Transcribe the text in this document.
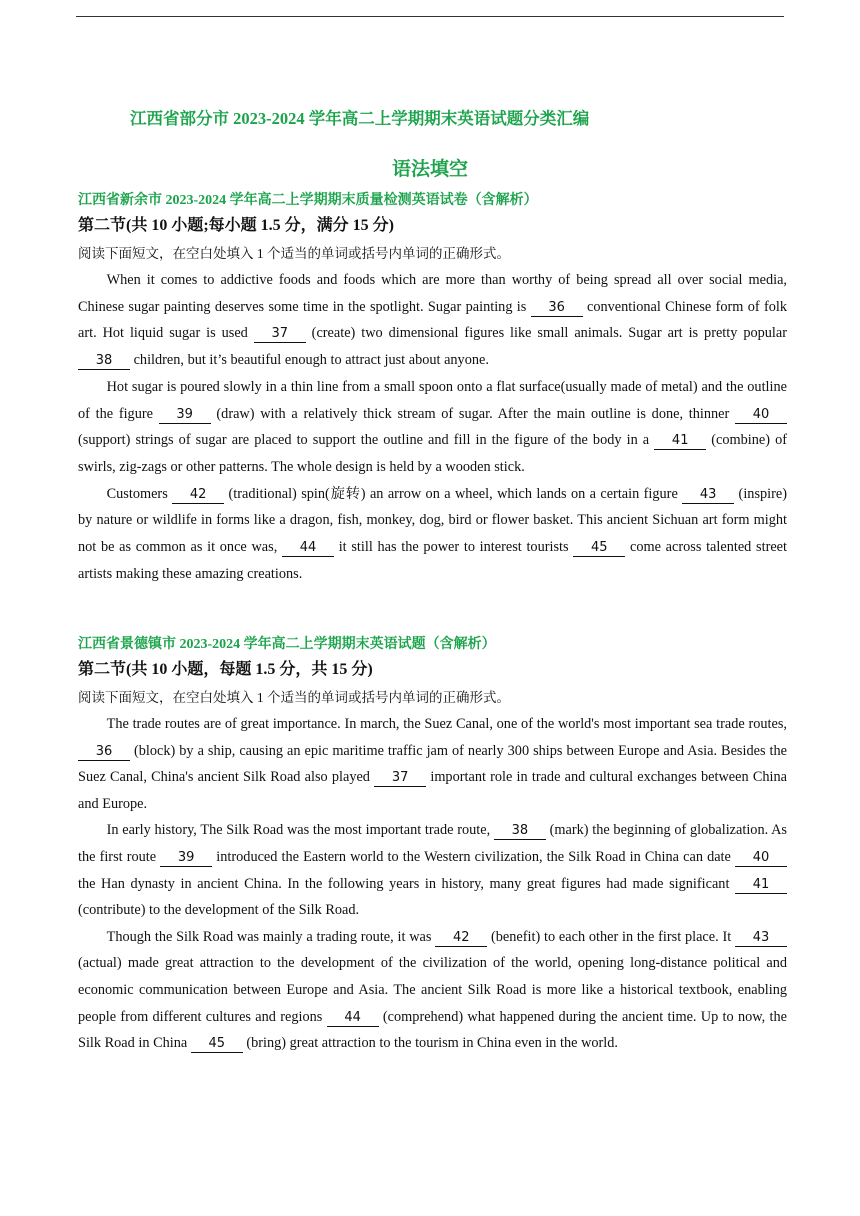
江西省部分市 2023-2024 学年高二上学期期末英语试题分类汇编
语法填空
江西省新余市 2023-2024 学年高二上学期期末质量检测英语试卷（含解析）
第二节(共 10 小题;每小题 1.5 分，满分 15 分)
阅读下面短文，在空白处填入 1 个适当的单词或括号内单词的正确形式。

When it comes to addictive foods and foods which are more than worthy of being spread all over social media, Chinese sugar painting deserves some time in the spotlight. Sugar painting is 36 conventional Chinese form of folk art. Hot liquid sugar is used 37 (create) two dimensional figures like small animals. Sugar art is pretty popular 38 children, but it’s beautiful enough to attract just about anyone.

Hot sugar is poured slowly in a thin line from a small spoon onto a flat surface(usually made of metal) and the outline of the figure 39 (draw) with a relatively thick stream of sugar. After the main outline is done, thinner 40 (support) strings of sugar are placed to support the outline and fill in the figure of the body in a 41 (combine) of swirls, zig-zags or other patterns. The whole design is held by a wooden stick.

Customers 42 (traditional) spin(旋转) an arrow on a wheel, which lands on a certain figure 43 (inspire) by nature or wildlife in forms like a dragon, fish, monkey, dog, bird or flower basket. This ancient Sichuan art form might not be as common as it once was, 44 it still has the power to interest tourists 45 come across talented street artists making these amazing creations.

江西省景德镇市 2023-2024 学年高二上学期期末英语试题（含解析）
第二节(共 10 小题，每题 1.5 分，共 15 分)
阅读下面短文，在空白处填入 1 个适当的单词或括号内单词的正确形式。

The trade routes are of great importance. In march, the Suez Canal, one of the world's most important sea trade routes, 36 (block) by a ship, causing an epic maritime traffic jam of nearly 300 ships between Europe and Asia. Besides the Suez Canal, China's ancient Silk Road also played 37 important role in trade and cultural exchanges between China and Europe.

In early history, The Silk Road was the most important trade route, 38 (mark) the beginning of globalization. As the first route 39 introduced the Eastern world to the Western civilization, the Silk Road in China can date 40 the Han dynasty in ancient China. In the following years in history, many great figures had made significant 41 (contribute) to the development of the Silk Road.

Though the Silk Road was mainly a trading route, it was 42 (benefit) to each other in the first place. It 43 (actual) made great attraction to the development of the civilization of the world, opening long-distance political and economic communication between Europe and Asia. The ancient Silk Road is more like a historical textbook, enabling people from different cultures and regions 44 (comprehend) what happened during the ancient time. Up to now, the Silk Road in China 45 (bring) great attraction to the tourism in China even in the world.
